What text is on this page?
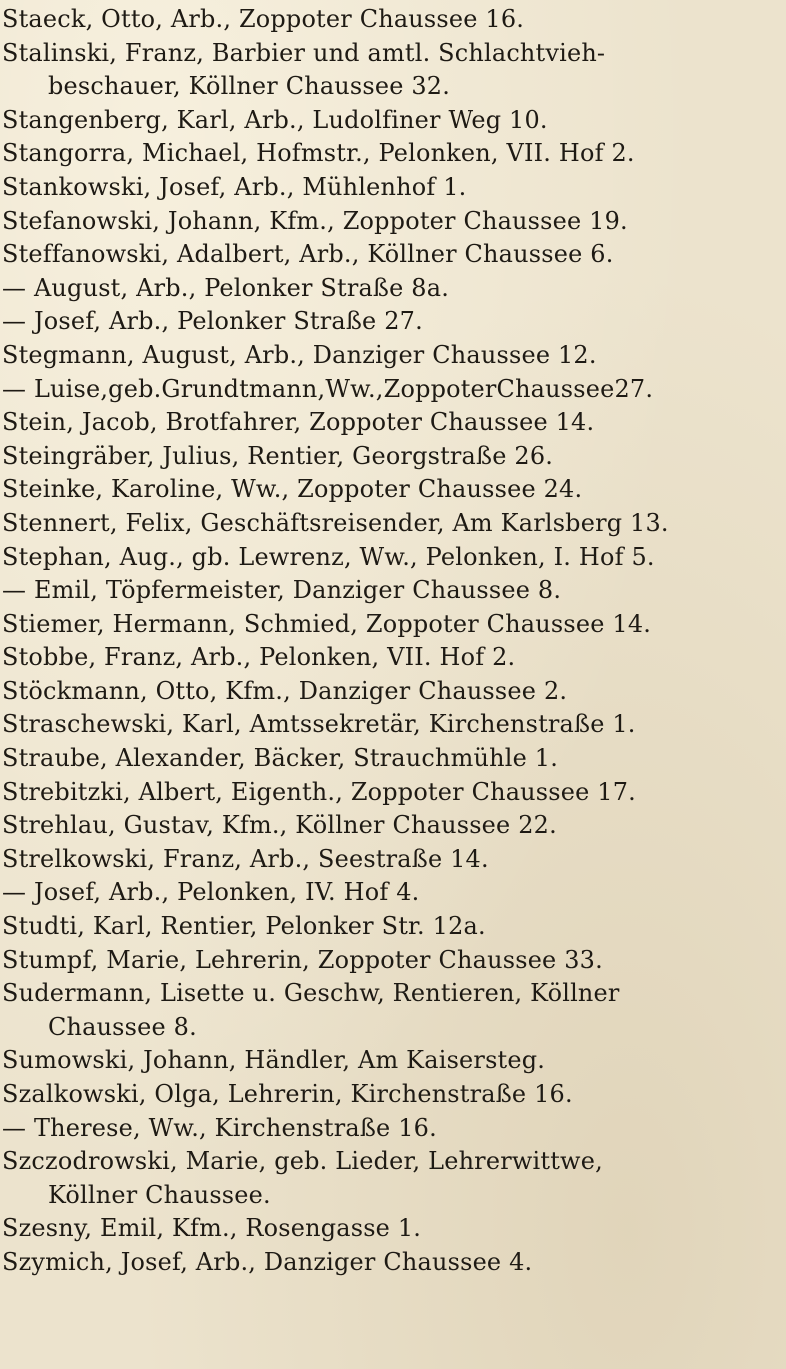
Staeck, Otto, Arb., Zoppoter Chaussee 16.
Stalinski, Franz, Barbier und amtl. Schlachtvieh-
beschauer, Köllner Chaussee 32.
Stangenberg, Karl, Arb., Ludolfiner Weg 10.
Stangorra, Michael, Hofmstr., Pelonken, VII. Hof 2.
Stankowski, Josef, Arb., Mühlenhof 1.
Stefanowski, Johann, Kfm., Zoppoter Chaussee 19.
Steffanowski, Adalbert, Arb., Köllner Chaussee 6.
— August, Arb., Pelonker Straße 8a.
— Josef, Arb., Pelonker Straße 27.
Stegmann, August, Arb., Danziger Chaussee 12.
— Luise,geb.Grundtmann,Ww.,ZoppoterChaussee27.
Stein, Jacob, Brotfahrer, Zoppoter Chaussee 14.
Steingräber, Julius, Rentier, Georgstraße 26.
Steinke, Karoline, Ww., Zoppoter Chaussee 24.
Stennert, Felix, Geschäftsreisender, Am Karlsberg 13.
Stephan, Aug., gb. Lewrenz, Ww., Pelonken, I. Hof 5.
— Emil, Töpfermeister, Danziger Chaussee 8.
Stiemer, Hermann, Schmied, Zoppoter Chaussee 14.
Stobbe, Franz, Arb., Pelonken, VII. Hof 2.
Stöckmann, Otto, Kfm., Danziger Chaussee 2.
Straschewski, Karl, Amtssekretär, Kirchenstraße 1.
Straube, Alexander, Bäcker, Strauchmühle 1.
Strebitzki, Albert, Eigenth., Zoppoter Chaussee 17.
Strehlau, Gustav, Kfm., Köllner Chaussee 22.
Strelkowski, Franz, Arb., Seestraße 14.
— Josef, Arb., Pelonken, IV. Hof 4.
Studti, Karl, Rentier, Pelonker Str. 12a.
Stumpf, Marie, Lehrerin, Zoppoter Chaussee 33.
Sudermann, Lisette u. Geschw, Rentieren, Köllner
Chaussee 8.
Sumowski, Johann, Händler, Am Kaisersteg.
Szalkowski, Olga, Lehrerin, Kirchenstraße 16.
— Therese, Ww., Kirchenstraße 16.
Szczodrowski, Marie, geb. Lieder, Lehrerwittwe,
Köllner Chaussee.
Szesny, Emil, Kfm., Rosengasse 1.
Szymich, Josef, Arb., Danziger Chaussee 4.
